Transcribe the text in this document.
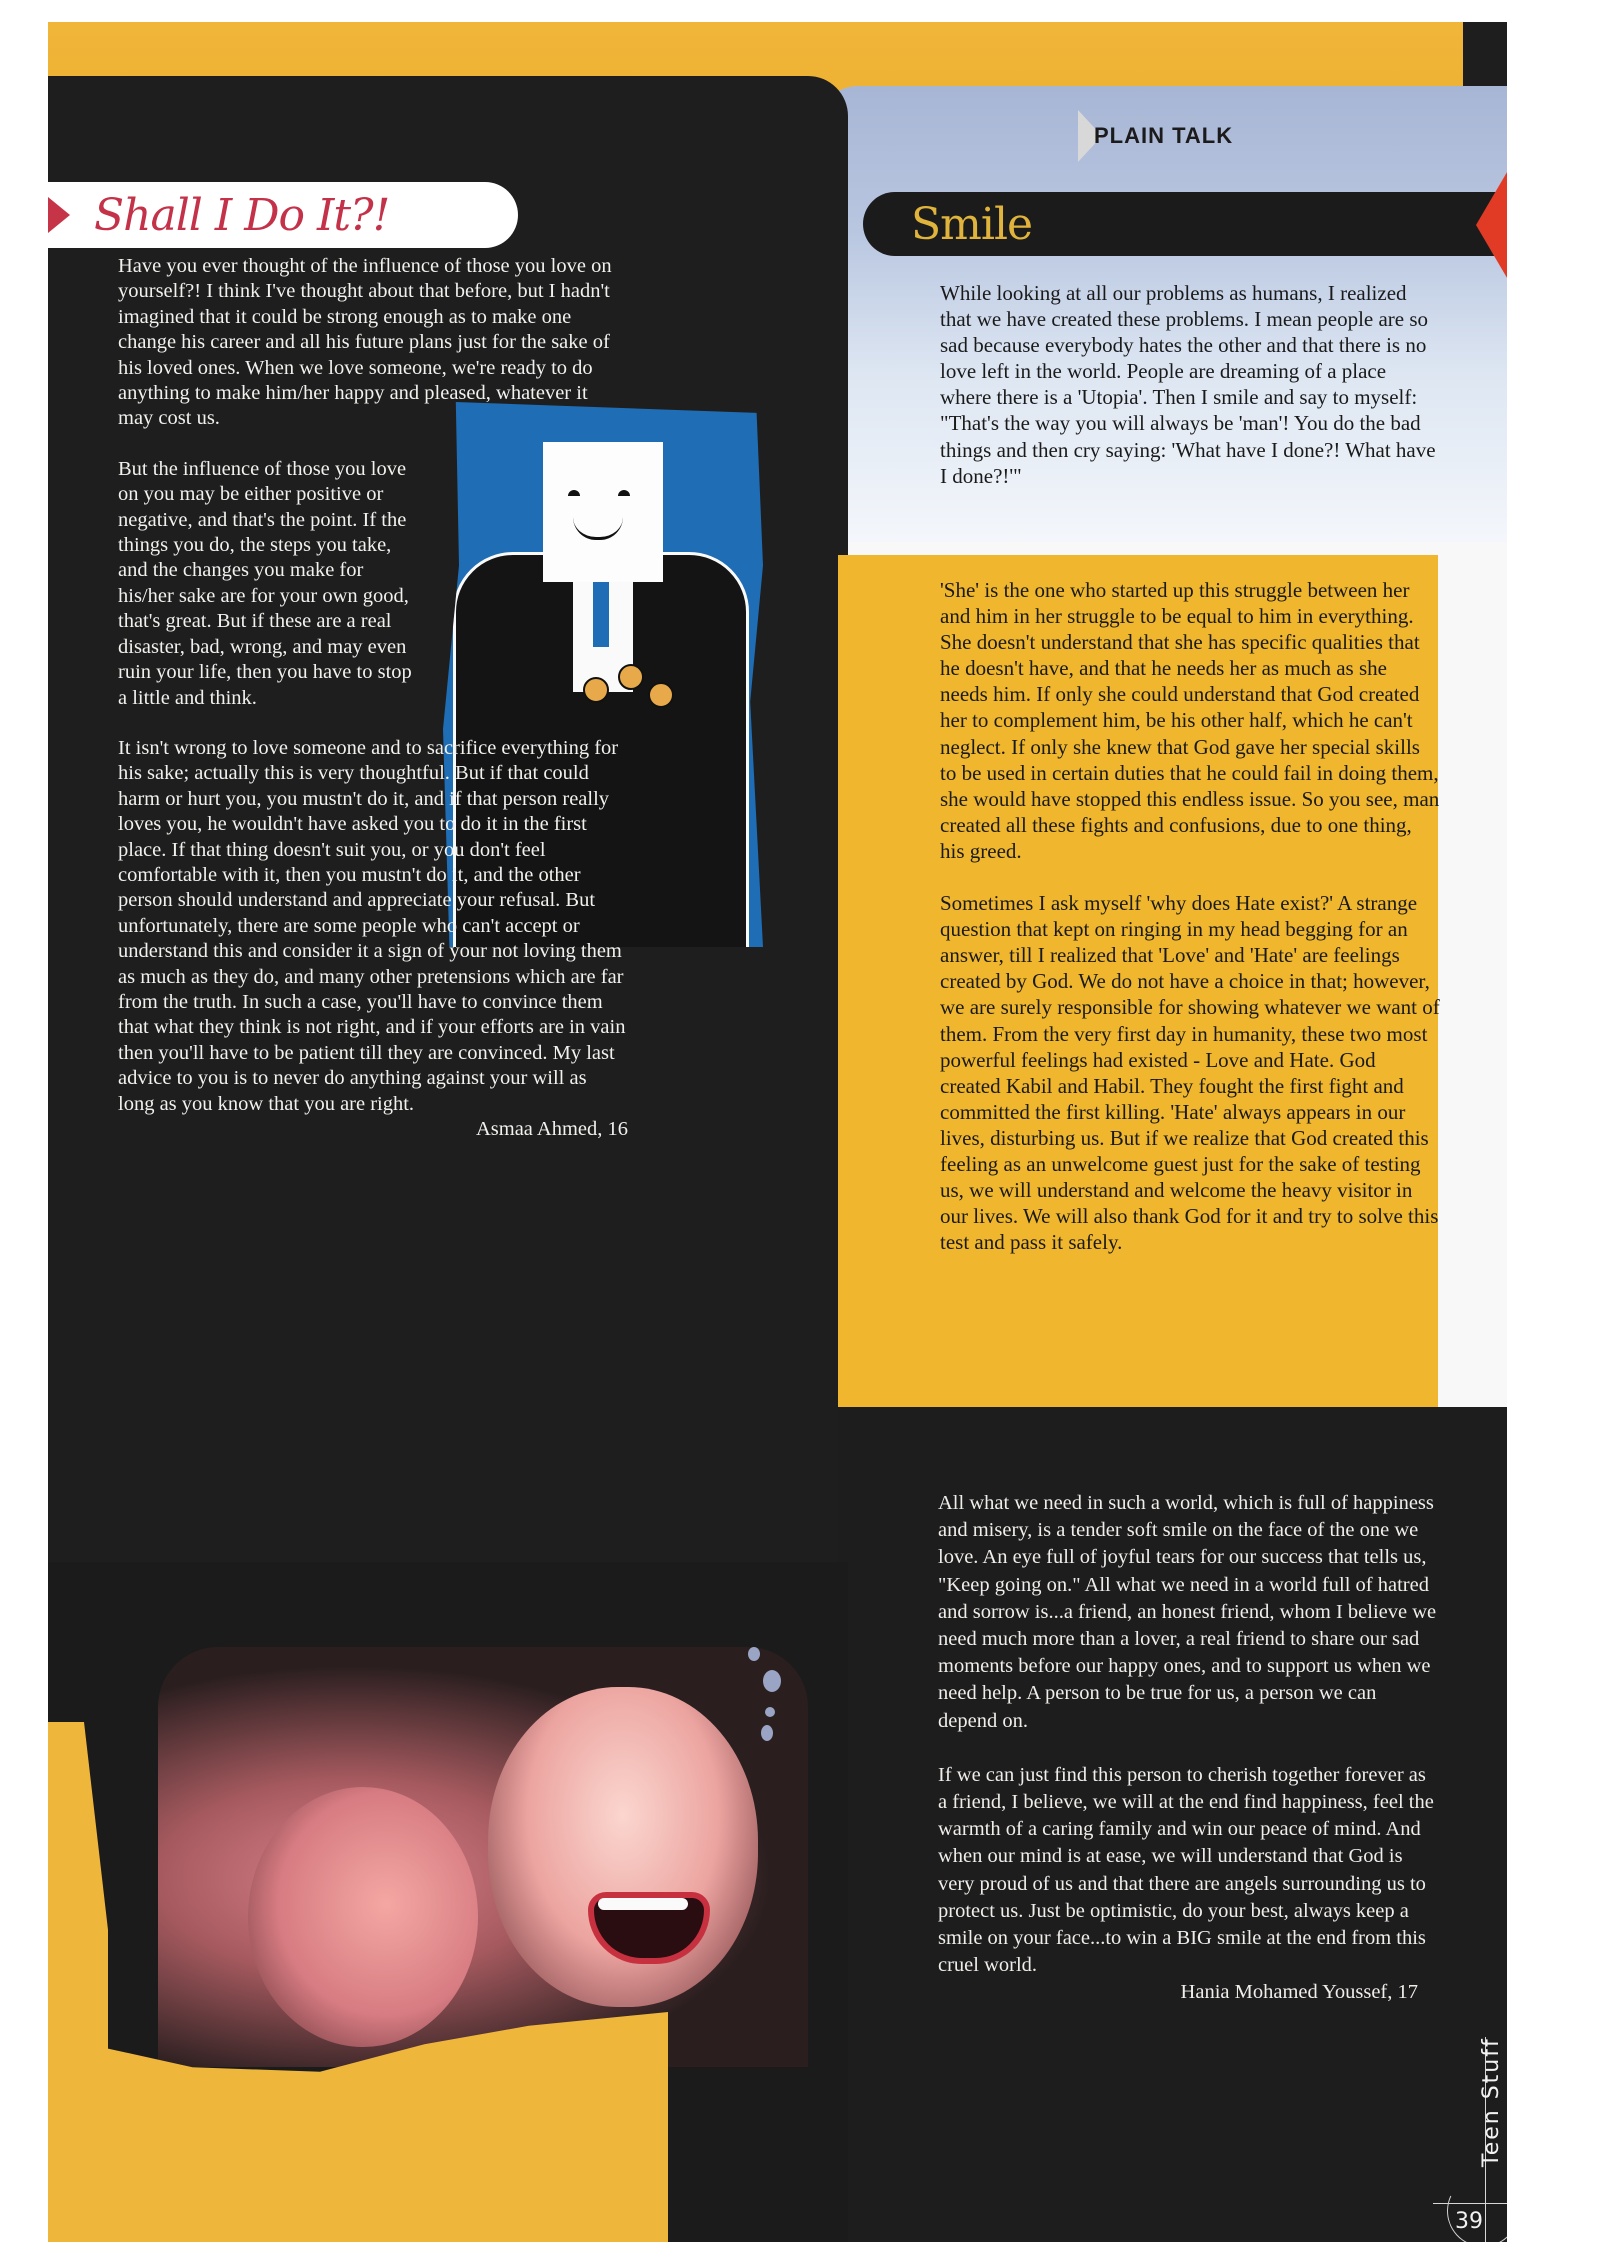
PLAIN TALK
Shall I Do It?!	Smile

Have you ever thought of the influence of those you love on yourself?! I think I've thought about that before, but I hadn't imagined that it could be strong enough as to make one change his career and all his future plans just for the sake of his loved ones. When we love someone, we're ready to do anything to make him/her happy and pleased, whatever it may cost us.

But the influence of those you love on you may be either positive or negative, and that's the point. If the things you do, the steps you take, and the changes you make for his/her sake are for your own good, that's great. But if these are a real disaster, bad, wrong, and may even ruin your life, then you have to stop a little and think.

It isn't wrong to love someone and to sacrifice everything for his sake; actually this is very thoughtful. But if that could harm or hurt you, you mustn't do it, and if that person really loves you, he wouldn't have asked you to do it in the first place. If that thing doesn't suit you, or you don't feel comfortable with it, then you mustn't do it, and the other person should understand and appreciate your refusal. But unfortunately, there are some people who can't accept or understand this and consider it a sign of your not loving them as much as they do, and many other pretensions which are far from the truth. In such a case, you'll have to convince them that what they think is not right, and if your efforts are in vain then you'll have to be patient till they are convinced. My last advice to you is to never do anything against your will as long as you know that you are right.

Asmaa Ahmed, 16

While looking at all our problems as humans, I realized that we have created these problems. I mean people are so sad because everybody hates the other and that there is no love left in the world. People are dreaming of a place where there is a 'Utopia'. Then I smile and say to myself: "That's the way you will always be 'man'! You do the bad things and then cry saying: 'What have I done?! What have I done?!'"

'She' is the one who started up this struggle between her and him in her struggle to be equal to him in everything. She doesn't understand that she has specific qualities that he doesn't have, and that he needs her as much as she needs him. If only she could understand that God created her to complement him, be his other half, which he can't neglect. If only she knew that God gave her special skills to be used in certain duties that he could fail in doing them, she would have stopped this endless issue. So you see, man created all these fights and confusions, due to one thing, his greed.

Sometimes I ask myself 'why does Hate exist?' A strange question that kept on ringing in my head begging for an answer, till I realized that 'Love' and 'Hate' are feelings created by God. We do not have a choice in that; however, we are surely responsible for showing whatever we want of them. From the very first day in humanity, these two most powerful feelings had existed - Love and Hate. God created Kabil and Habil. They fought the first fight and committed the first killing. 'Hate' always appears in our lives, disturbing us. But if we realize that God created this feeling as an unwelcome guest just for the sake of testing us, we will understand and welcome the heavy visitor in our lives. We will also thank God for it and try to solve this test and pass it safely.

All what we need in such a world, which is full of happiness and misery, is a tender soft smile on the face of the one we love. An eye full of joyful tears for our success that tells us, "Keep going on." All what we need in a world full of hatred and sorrow is...a friend, an honest friend, whom I believe we need much more than a lover, a real friend to share our sad moments before our happy ones, and to support us when we need help. A person to be true for us, a person we can depend on.

If we can just find this person to cherish together forever as a friend, I believe, we will at the end find happiness, feel the warmth of a caring family and win our peace of mind. And when our mind is at ease, we will understand that God is very proud of us and that there are angels surrounding us to protect us. Just be optimistic, do your best, always keep a smile on your face...to win a BIG smile at the end from this cruel world.

Hania Mohamed Youssef, 17

39
Teen Stuff
